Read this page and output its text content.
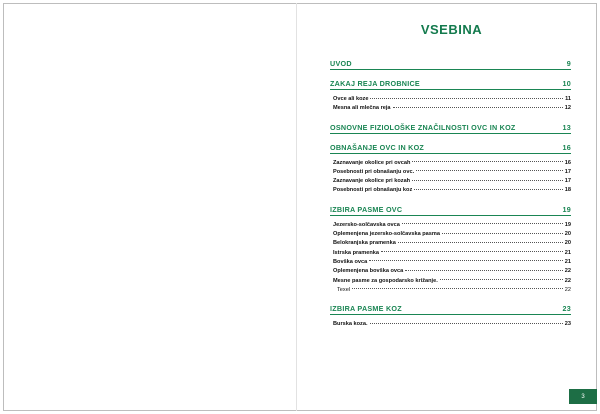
VSEBINA
UVOD	9
ZAKAJ REJA DROBNICE	10
Ovce ali koze	11
Mesna ali mlečna reja	12
OSNOVNE FIZIOLOŠKE ZNAČILNOSTI OVC IN KOZ	13
OBNAŠANJE OVC IN KOZ	16
Zaznavanje okolice pri ovcah	16
Posebnosti pri obnašanju ovc.	17
Zaznavanje okolice pri kozah	17
Posebnosti pri obnašanju koz	18
IZBIRA PASME OVC	19
Jezersko-solčavska ovca	19
Oplemenjena jezersko-solčavska pasma	20
Belokranjska pramenka	20
Istrska pramenka	21
Bovška ovca	21
Oplemenjena bovška ovca	22
Mesne pasme za gospodarsko križanje.	22
Texel	22
IZBIRA PASME KOZ	23
Burska koza.	23
3
